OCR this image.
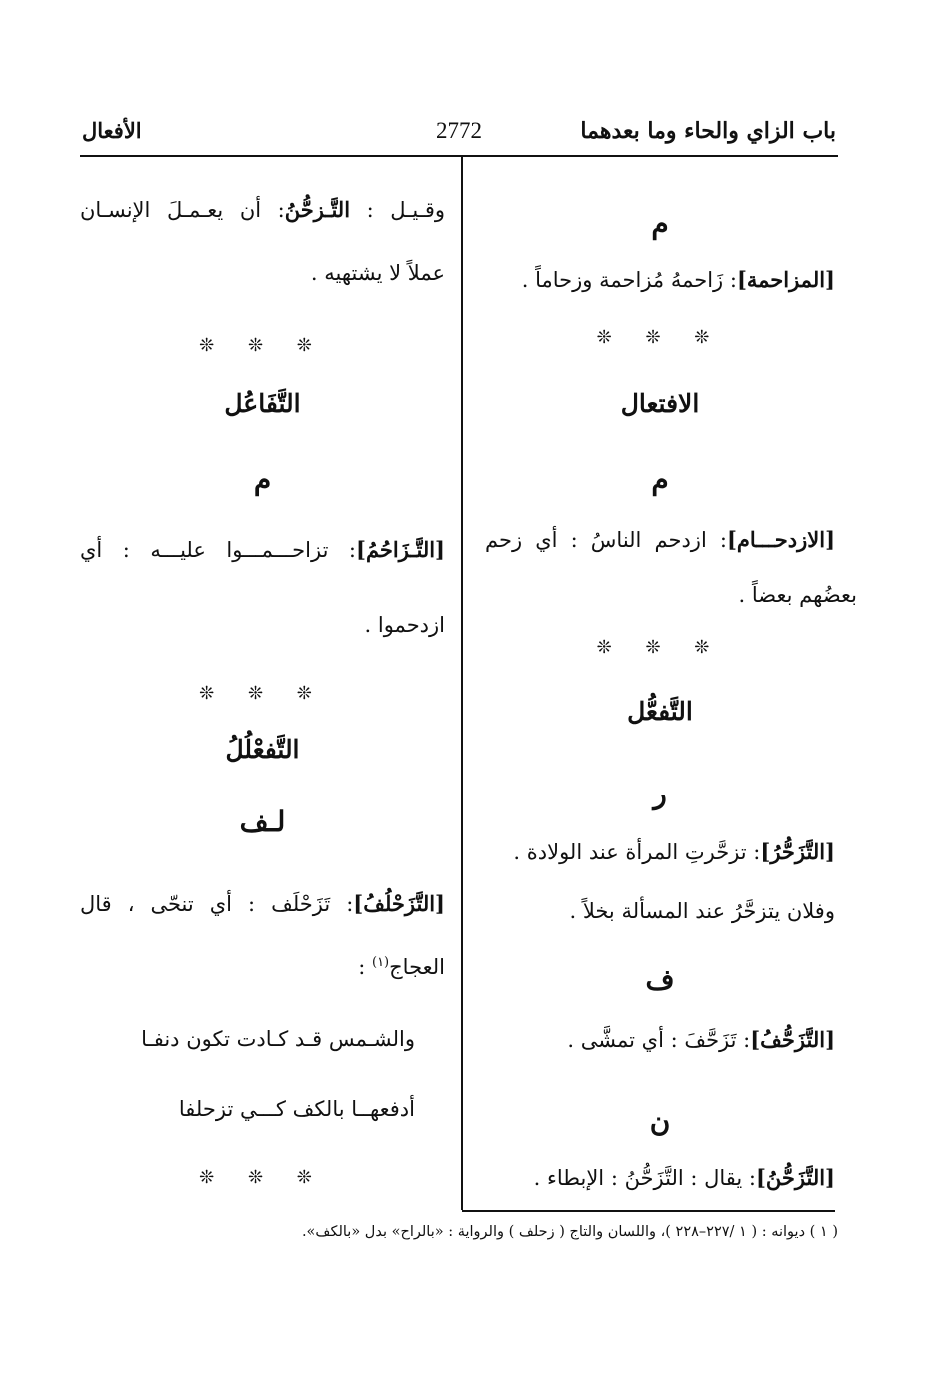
باب الزاي والحاء وما بعدهما
2772
الأفعال
م
[المزاحمة]: زَاحمهُ مُزاحمة وزحاماً .
❊ ❊ ❊
الافتعال
م
[الازدحـــام]: ازدحم الناسُ : أي زحم
بعضُهم بعضاً .
❊ ❊ ❊
التَّفعُّل
ر
[التَّزَحُّرُ]: تزحَّرتِ المرأة عند الولادة .
وفلان يتزحَّرُ عند المسألة بخلاً .
ف
[التَّزَحُّفُ]: تَزَحَّفَ : أي تمشَّى .
ن
[التَّزَحُّنُ]: يقال : التَّزَحُّنُ : الإبطاء .
وقـيـل : التَّـزحُّنُ: أن يعـمـلَ الإنسـان
عملاً لا يشتهيه .
❊ ❊ ❊
التَّفَاعُل
م
[التَّـزَاحُمُ]: تزاحـــمـــوا عليـــه : أي
ازدحموا .
❊ ❊ ❊
التَّفعْلُلُ
لـف
[التَّزَحْلُفُ]: تَزَحْلَف : أي تنحّى ، قال
العجاج$^{(١)}$ :
والشـمس قـد كـادت تكون دنفـا
أدفعهــا بالكف كـــي تزحلفا
❊ ❊ ❊
( ١ ) ديوانه : ( ١ /٢٢٧–٢٢٨ )، واللسان والتاج ( زحلف ) والرواية : «بالراح» بدل «بالكف».
